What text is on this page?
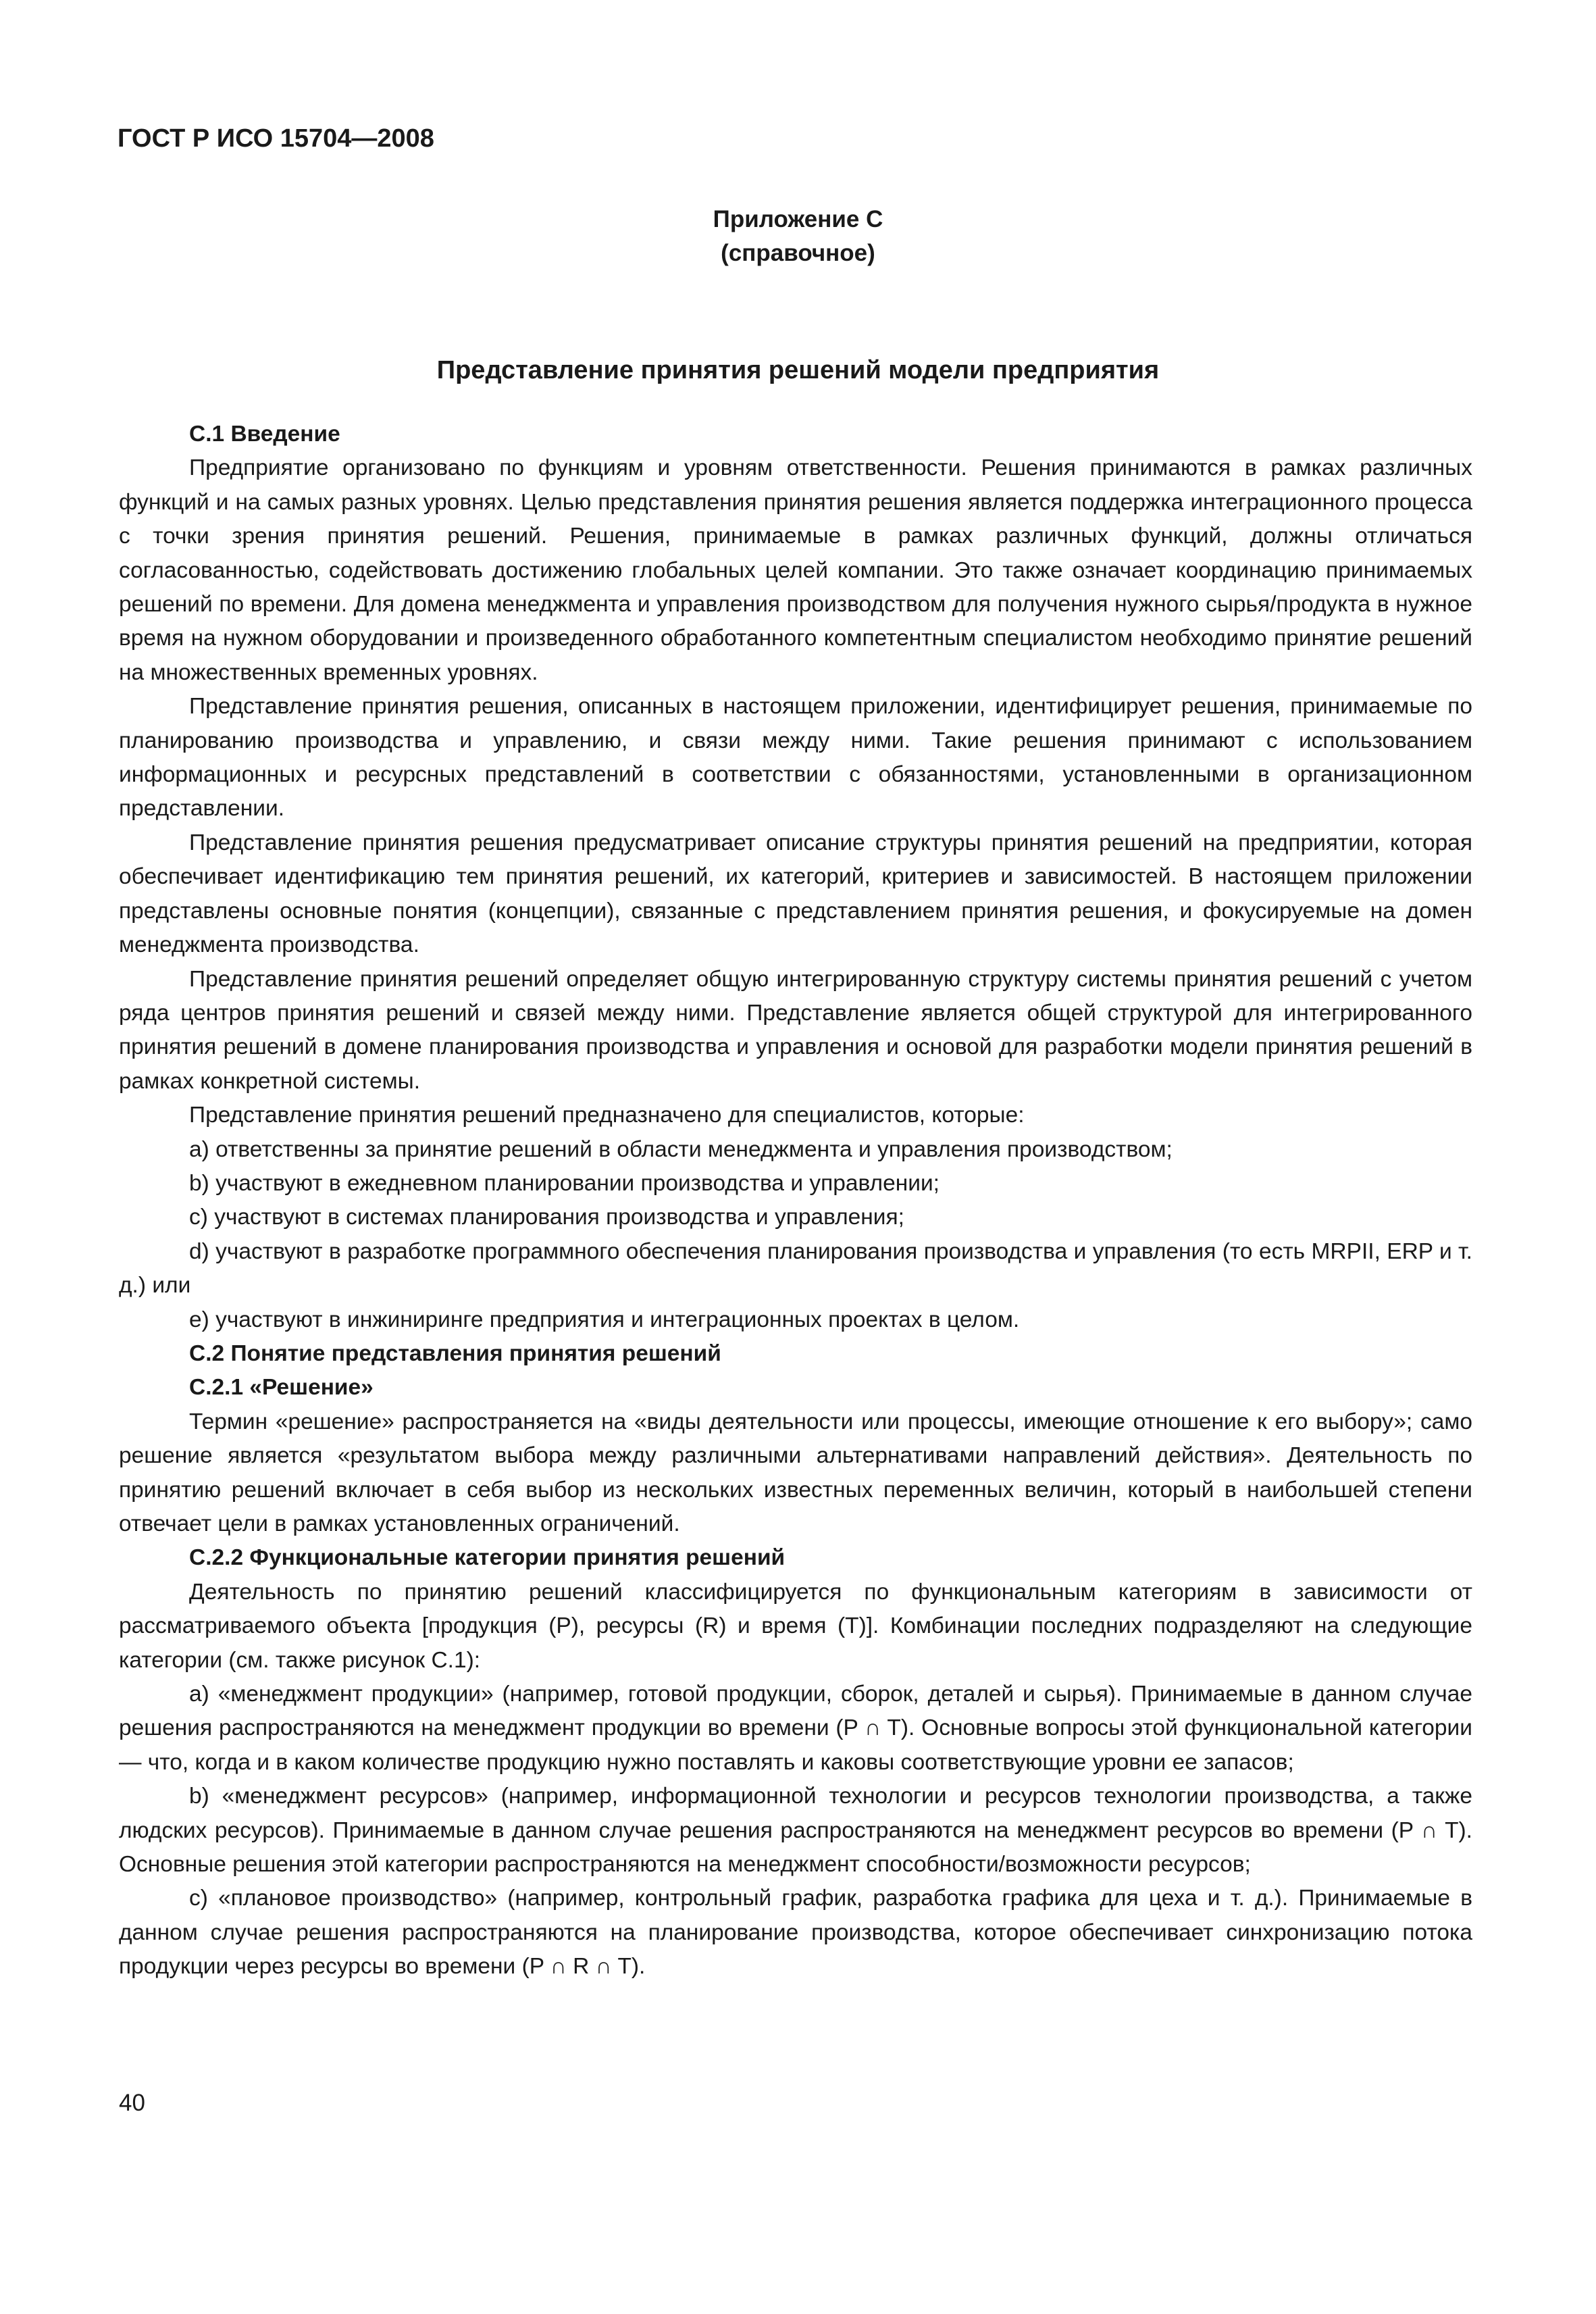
ГОСТ Р ИСО 15704—2008
Приложение С
(справочное)
Представление принятия решений модели предприятия

С.1 Введение

Предприятие организовано по функциям и уровням ответственности. Решения принимаются в рамках различных функций и на самых разных уровнях. Целью представления принятия решения является поддержка интеграционного процесса с точки зрения принятия решений. Решения, принимаемые в рамках различных функций, должны отличаться согласованностью, содействовать достижению глобальных целей компании. Это также означает координацию принимаемых решений по времени. Для домена менеджмента и управления производством для получения нужного сырья/продукта в нужное время на нужном оборудовании и произведенного обработанного компетентным специалистом необходимо принятие решений на множественных временных уровнях.

Представление принятия решения, описанных в настоящем приложении, идентифицирует решения, принимаемые по планированию производства и управлению, и связи между ними. Такие решения принимают с использованием информационных и ресурсных представлений в соответствии с обязанностями, установленными в организационном представлении.

Представление принятия решения предусматривает описание структуры принятия решений на предприятии, которая обеспечивает идентификацию тем принятия решений, их категорий, критериев и зависимостей. В настоящем приложении представлены основные понятия (концепции), связанные с представлением принятия решения, и фокусируемые на домен менеджмента производства.

Представление принятия решений определяет общую интегрированную структуру системы принятия решений с учетом ряда центров принятия решений и связей между ними. Представление является общей структурой для интегрированного принятия решений в домене планирования производства и управления и основой для разработки модели принятия решений в рамках конкретной системы.

Представление принятия решений предназначено для специалистов, которые:

a) ответственны за принятие решений в области менеджмента и управления производством;

b) участвуют в ежедневном планировании производства и управлении;

c) участвуют в системах планирования производства и управления;

d) участвуют в разработке программного обеспечения планирования производства и управления (то есть MRPII, ERP и т. д.) или

e) участвуют в инжиниринге предприятия и интеграционных проектах в целом.

С.2 Понятие представления принятия решений

С.2.1 «Решение»

Термин «решение» распространяется на «виды деятельности или процессы, имеющие отношение к его выбору»; само решение является «результатом выбора между различными альтернативами направлений действия». Деятельность по принятию решений включает в себя выбор из нескольких известных переменных величин, который в наибольшей степени отвечает цели в рамках установленных ограничений.

С.2.2 Функциональные категории принятия решений

Деятельность по принятию решений классифицируется по функциональным категориям в зависимости от рассматриваемого объекта [продукция (P), ресурсы (R) и время (T)]. Комбинации последних подразделяют на следующие категории (см. также рисунок С.1):

a) «менеджмент продукции» (например, готовой продукции, сборок, деталей и сырья). Принимаемые в данном случае решения распространяются на менеджмент продукции во времени (P ∩ T). Основные вопросы этой функциональной категории — что, когда и в каком количестве продукцию нужно поставлять и каковы соответствующие уровни ее запасов;

b) «менеджмент ресурсов» (например, информационной технологии и ресурсов технологии производства, а также людских ресурсов). Принимаемые в данном случае решения распространяются на менеджмент ресурсов во времени (P ∩ T). Основные решения этой категории распространяются на менеджмент способности/возможности ресурсов;

c) «плановое производство» (например, контрольный график, разработка графика для цеха и т. д.). Принимаемые в данном случае решения распространяются на планирование производства, которое обеспечивает синхронизацию потока продукции через ресурсы во времени (P ∩ R ∩ T).

40
